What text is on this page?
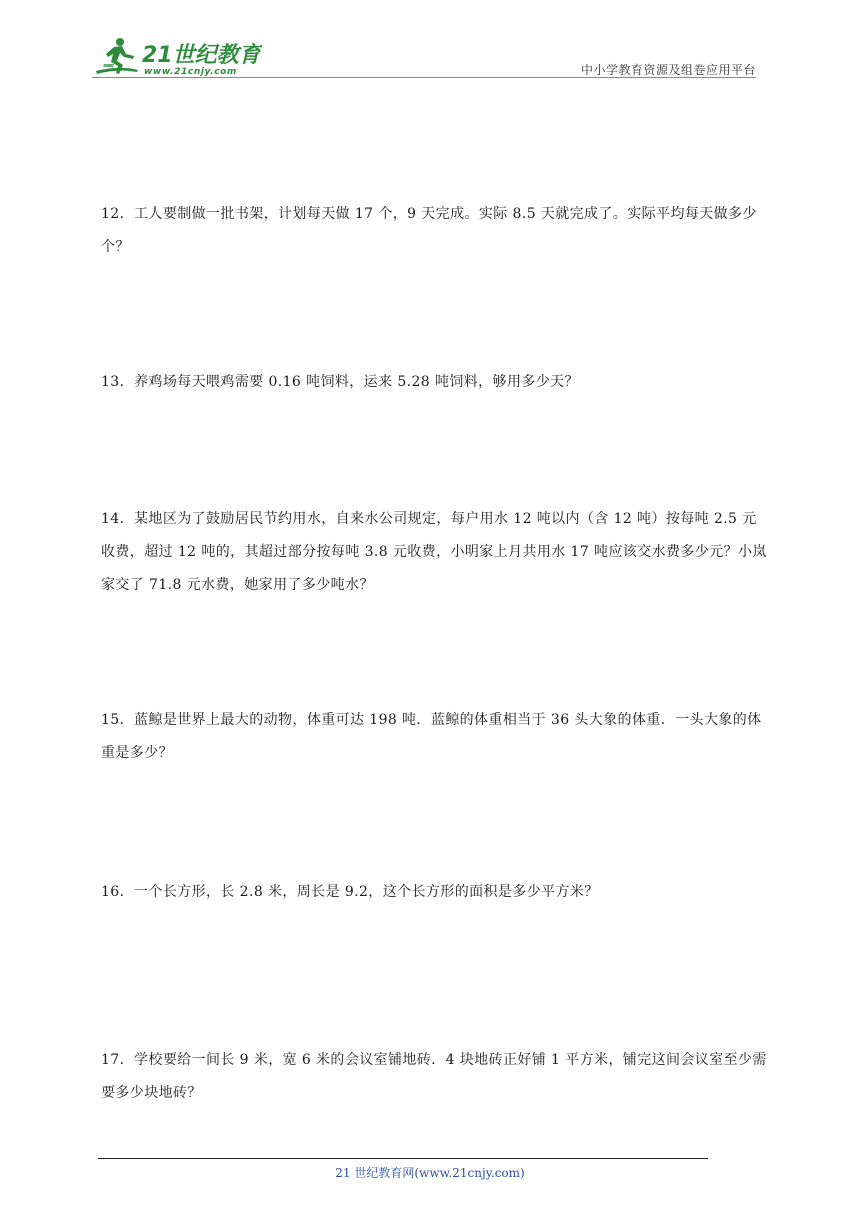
21世纪教育
www.21cnjy.com	中小学教育资源及组卷应用平台

12．工人要制做一批书架，计划每天做 17 个，9 天完成。实际 8.5 天就完成了。实际平均每天做多少个？

13．养鸡场每天喂鸡需要 0.16 吨饲料，运来 5.28 吨饲料，够用多少天？

14．某地区为了鼓励居民节约用水，自来水公司规定，每户用水 12 吨以内（含 12 吨）按每吨 2.5 元收费，超过 12 吨的，其超过部分按每吨 3.8 元收费，小明家上月共用水 17 吨应该交水费多少元？小岚家交了 71.8 元水费，她家用了多少吨水？

15．蓝鲸是世界上最大的动物，体重可达 198 吨．蓝鲸的体重相当于 36 头大象的体重．一头大象的体重是多少？

16．一个长方形，长 2.8 米，周长是 9.2，这个长方形的面积是多少平方米？

17．学校要给一间长 9 米，宽 6 米的会议室铺地砖．4 块地砖正好铺 1 平方米，铺完这间会议室至少需要多少块地砖？

21 世纪教育网(www.21cnjy.com)
